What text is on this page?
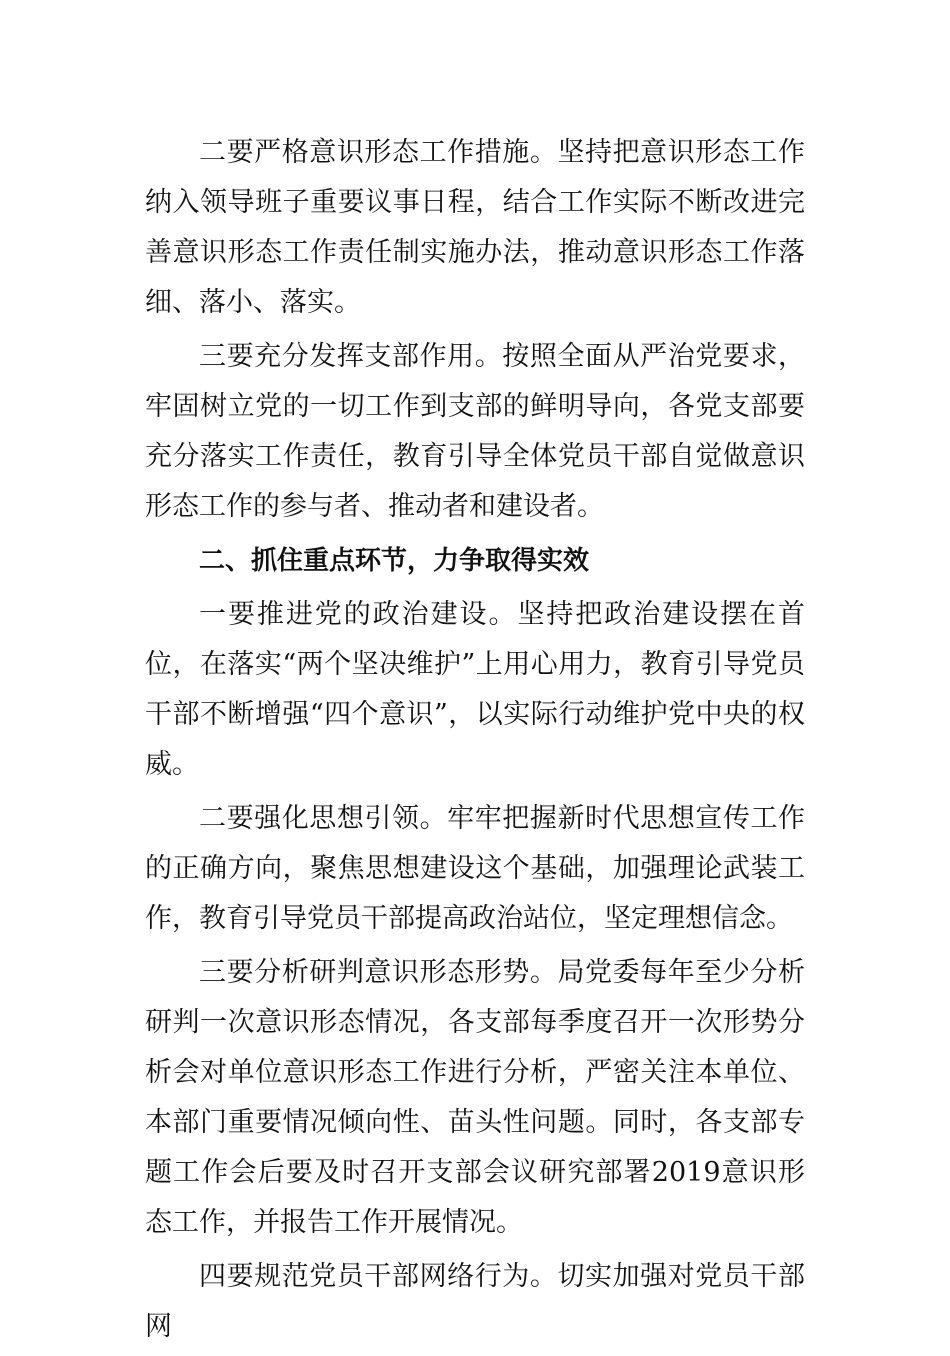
二要严格意识形态工作措施。坚持把意识形态工作纳入领导班子重要议事日程，结合工作实际不断改进完善意识形态工作责任制实施办法，推动意识形态工作落细、落小、落实。

三要充分发挥支部作用。按照全面从严治党要求，牢固树立党的一切工作到支部的鲜明导向，各党支部要充分落实工作责任，教育引导全体党员干部自觉做意识形态工作的参与者、推动者和建设者。

二、抓住重点环节，力争取得实效

一要推进党的政治建设。坚持把政治建设摆在首位，在落实“两个坚决维护”上用心用力，教育引导党员干部不断增强“四个意识”，以实际行动维护党中央的权威。

二要强化思想引领。牢牢把握新时代思想宣传工作的正确方向，聚焦思想建设这个基础，加强理论武装工作，教育引导党员干部提高政治站位，坚定理想信念。

三要分析研判意识形态形势。局党委每年至少分析研判一次意识形态情况，各支部每季度召开一次形势分析会对单位意识形态工作进行分析，严密关注本单位、本部门重要情况倾向性、苗头性问题。同时，各支部专题工作会后要及时召开支部会议研究部署2019意识形态工作，并报告工作开展情况。

四要规范党员干部网络行为。切实加强对党员干部网
